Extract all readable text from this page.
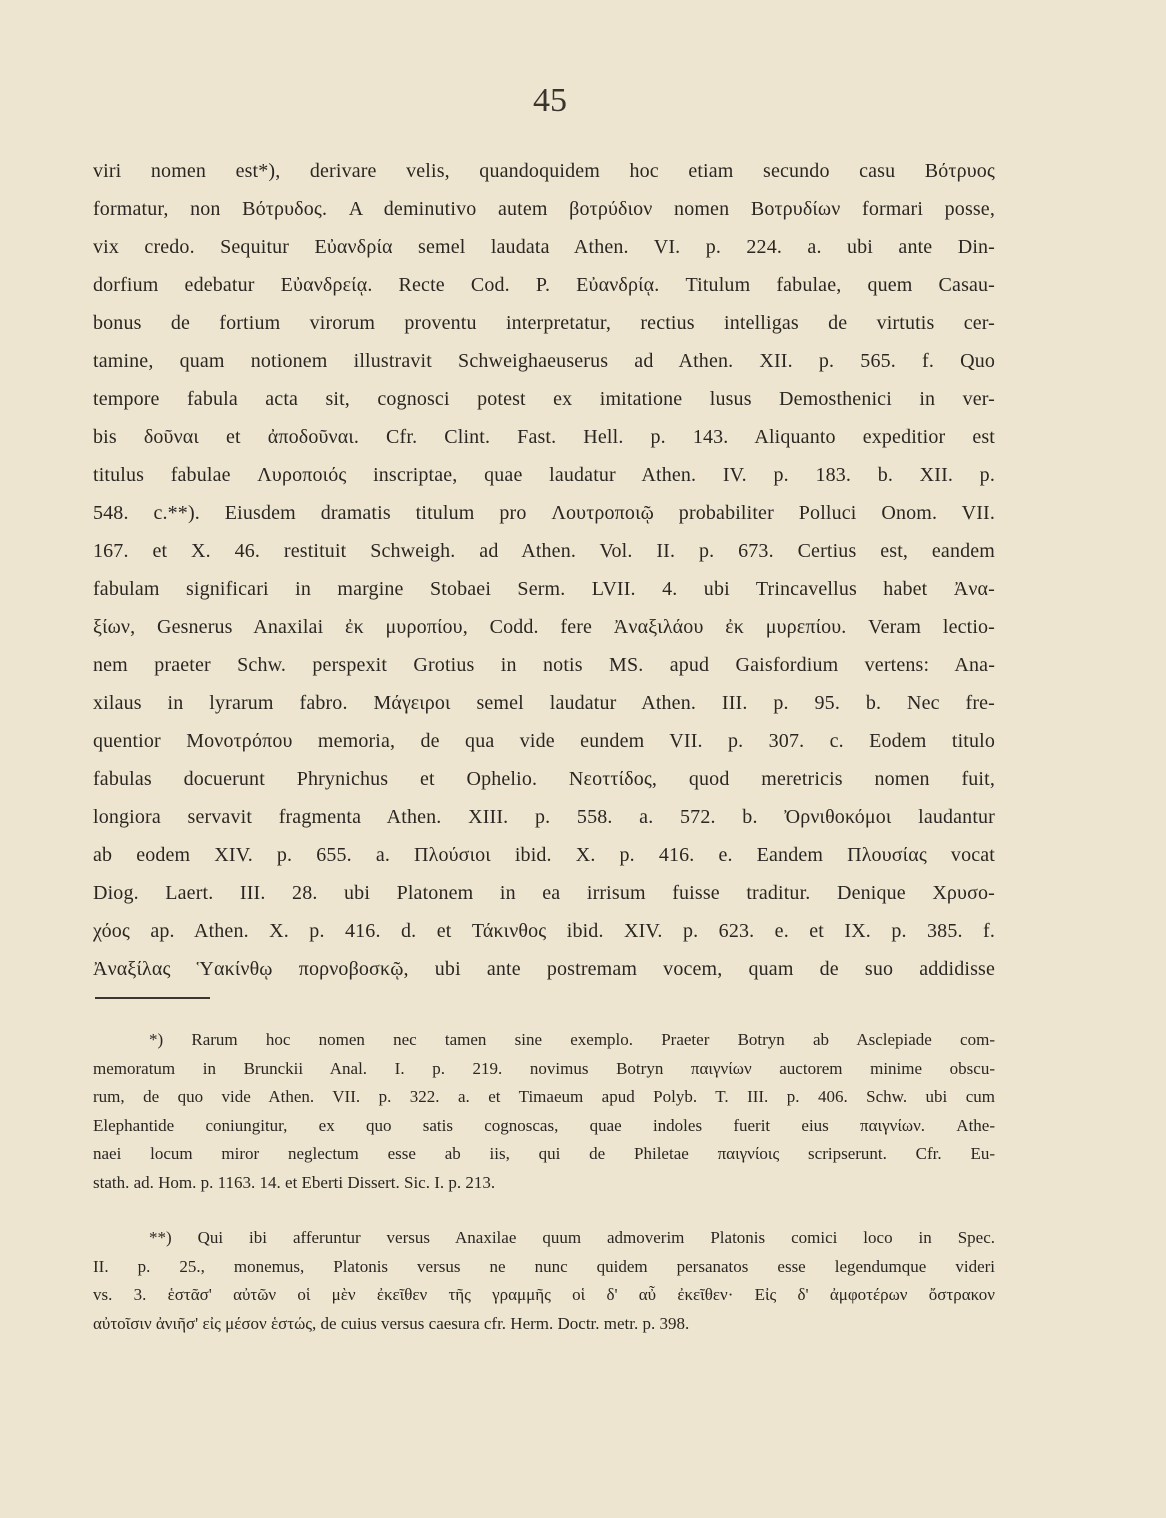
45
viri nomen est*), derivare velis, quandoquidem hoc etiam secundo casu Βότρυος
formatur, non Βότρυδος. A deminutivo autem βοτρύδιον nomen Βοτρυδίων formari posse,
vix credo. Sequitur Εὐανδρία semel laudata Athen. VI. p. 224. a. ubi ante Din-
dorfium edebatur Εὐανδρείᾳ. Recte Cod. P. Εὐανδρίᾳ. Titulum fabulae, quem Casau-
bonus de fortium virorum proventu interpretatur, rectius intelligas de virtutis cer-
tamine, quam notionem illustravit Schweighaeuserus ad Athen. XII. p. 565. f. Quo
tempore fabula acta sit, cognosci potest ex imitatione lusus Demosthenici in ver-
bis δοῦναι et ἀποδοῦναι. Cfr. Clint. Fast. Hell. p. 143. Aliquanto expeditior est
titulus fabulae Λυροποιός inscriptae, quae laudatur Athen. IV. p. 183. b. XII. p.
548. c.**). Eiusdem dramatis titulum pro Λουτροποιῷ probabiliter Polluci Onom. VII.
167. et X. 46. restituit Schweigh. ad Athen. Vol. II. p. 673. Certius est, eandem
fabulam significari in margine Stobaei Serm. LVII. 4. ubi Trincavellus habet Ἀνα-
ξίων, Gesnerus Anaxilai ἐκ μυροπίου, Codd. fere Ἀναξιλάου ἐκ μυρεπίου. Veram lectio-
nem praeter Schw. perspexit Grotius in notis MS. apud Gaisfordium vertens: Ana-
xilaus in lyrarum fabro. Μάγειροι semel laudatur Athen. III. p. 95. b. Nec fre-
quentior Μονοτρόπου memoria, de qua vide eundem VII. p. 307. c. Eodem titulo
fabulas docuerunt Phrynichus et Ophelio. Νεοττίδος, quod meretricis nomen fuit,
longiora servavit fragmenta Athen. XIII. p. 558. a. 572. b. Ὀρνιθοκόμοι laudantur
ab eodem XIV. p. 655. a. Πλούσιοι ibid. X. p. 416. e. Eandem Πλουσίας vocat
Diog. Laert. III. 28. ubi Platonem in ea irrisum fuisse traditur. Denique Χρυσο-
χόος ap. Athen. X. p. 416. d. et Τάκινθος ibid. XIV. p. 623. e. et IX. p. 385. f.
Ἀναξίλας Ὑακίνθῳ πορνοβοσκῷ, ubi ante postremam vocem, quam de suo addidisse
*) Rarum hoc nomen nec tamen sine exemplo. Praeter Botryn ab Asclepiade com-
memoratum in Brunckii Anal. I. p. 219. novimus Botryn παιγνίων auctorem minime obscu-
rum, de quo vide Athen. VII. p. 322. a. et Timaeum apud Polyb. T. III. p. 406. Schw. ubi cum
Elephantide coniungitur, ex quo satis cognoscas, quae indoles fuerit eius παιγνίων. Athe-
naei locum miror neglectum esse ab iis, qui de Philetae παιγνίοις scripserunt. Cfr. Eu-
stath. ad. Hom. p. 1163. 14. et Eberti Dissert. Sic. I. p. 213.
**) Qui ibi afferuntur versus Anaxilae quum admoverim Platonis comici loco in Spec.
II. p. 25., monemus, Platonis versus ne nunc quidem persanatos esse legendumque videri
vs. 3. ἑστᾶσ' αὐτῶν οἱ μὲν ἐκεῖθεν τῆς γραμμῆς οἱ δ' αὖ ἐκεῖθεν· Εἰς δ' ἀμφοτέρων ὄστρακον
αὐτοῖσιν ἀνιῆσ' εἰς μέσον ἑστώς, de cuius versus caesura cfr. Herm. Doctr. metr. p. 398.
